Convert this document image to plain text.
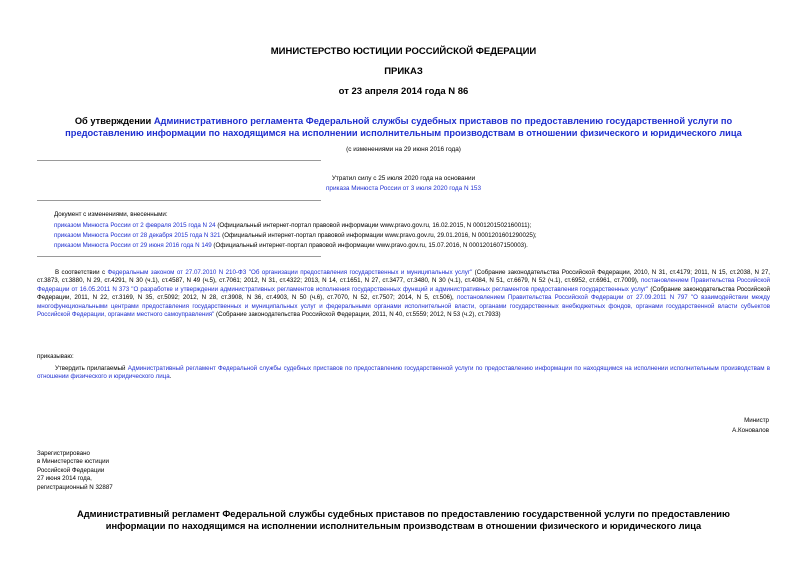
МИНИСТЕРСТВО ЮСТИЦИИ РОССИЙСКОЙ ФЕДЕРАЦИИ
ПРИКАЗ
от 23 апреля 2014 года N 86
Об утверждении Административного регламента Федеральной службы судебных приставов по предоставлению государственной услуги по предоставлению информации по находящимся на исполнении исполнительным производствам в отношении физического и юридического лица
(с изменениями на 29 июня 2016 года)
Утратил силу с 25 июля 2020 года на основании
приказа Минюста России от 3 июля 2020 года N 153
Документ с изменениями, внесенными:
приказом Минюста России от 2 февраля 2015 года N 24 (Официальный интернет-портал правовой информации www.pravo.gov.ru, 16.02.2015, N 0001201502160011);
приказом Минюста России от 28 декабря 2015 года N 321 (Официальный интернет-портал правовой информации www.pravo.gov.ru, 29.01.2016, N 0001201601290025);
приказом Минюста России от 29 июня 2016 года N 149 (Официальный интернет-портал правовой информации www.pravo.gov.ru, 15.07.2016, N 0001201607150003).
В соответствии с Федеральным законом от 27.07.2010 N 210-ФЗ "Об организации предоставления государственных и муниципальных услуг" (Собрание законодательства Российской Федерации, 2010, N 31, ст.4179; 2011, N 15, ст.2038, N 27, ст.3873, ст.3880, N 29, ст.4291, N 30 (ч.1), ст.4587, N 49 (ч.5), ст.7061; 2012, N 31, ст.4322; 2013, N 14, ст.1651, N 27, ст.3477, ст.3480, N 30 (ч.1), ст.4084, N 51, ст.6679, N 52 (ч.1), ст.6952, ст.6961, ст.7009), постановлением Правительства Российской Федерации от 16.05.2011 N 373 "О разработке и утверждении административных регламентов исполнения государственных функций и административных регламентов предоставления государственных услуг" (Собрание законодательства Российской Федерации, 2011, N 22, ст.3169, N 35, ст.5092; 2012, N 28, ст.3908, N 36, ст.4903, N 50 (ч.6), ст.7070, N 52, ст.7507; 2014, N 5, ст.506), постановлением Правительства Российской Федерации от 27.09.2011 N 797 "О взаимодействии между многофункциональными центрами предоставления государственных и муниципальных услуг и федеральными органами исполнительной власти, органами государственных внебюджетных фондов, органами государственной власти субъектов Российской Федерации, органами местного самоуправления" (Собрание законодательства Российской Федерации, 2011, N 40, ст.5559; 2012, N 53 (ч.2), ст.7933)
приказываю:
Утвердить прилагаемый Административный регламент Федеральной службы судебных приставов по предоставлению государственной услуги по предоставлению информации по находящимся на исполнении исполнительным производствам в отношении физического и юридического лица.
Министр
А.Коновалов
Зарегистрировано
в Министерстве юстиции
Российской Федерации
27 июня 2014 года,
регистрационный N 32887
Административный регламент Федеральной службы судебных приставов по предоставлению государственной услуги по предоставлению информации по находящимся на исполнении исполнительным производствам в отношении физического и юридического лица
